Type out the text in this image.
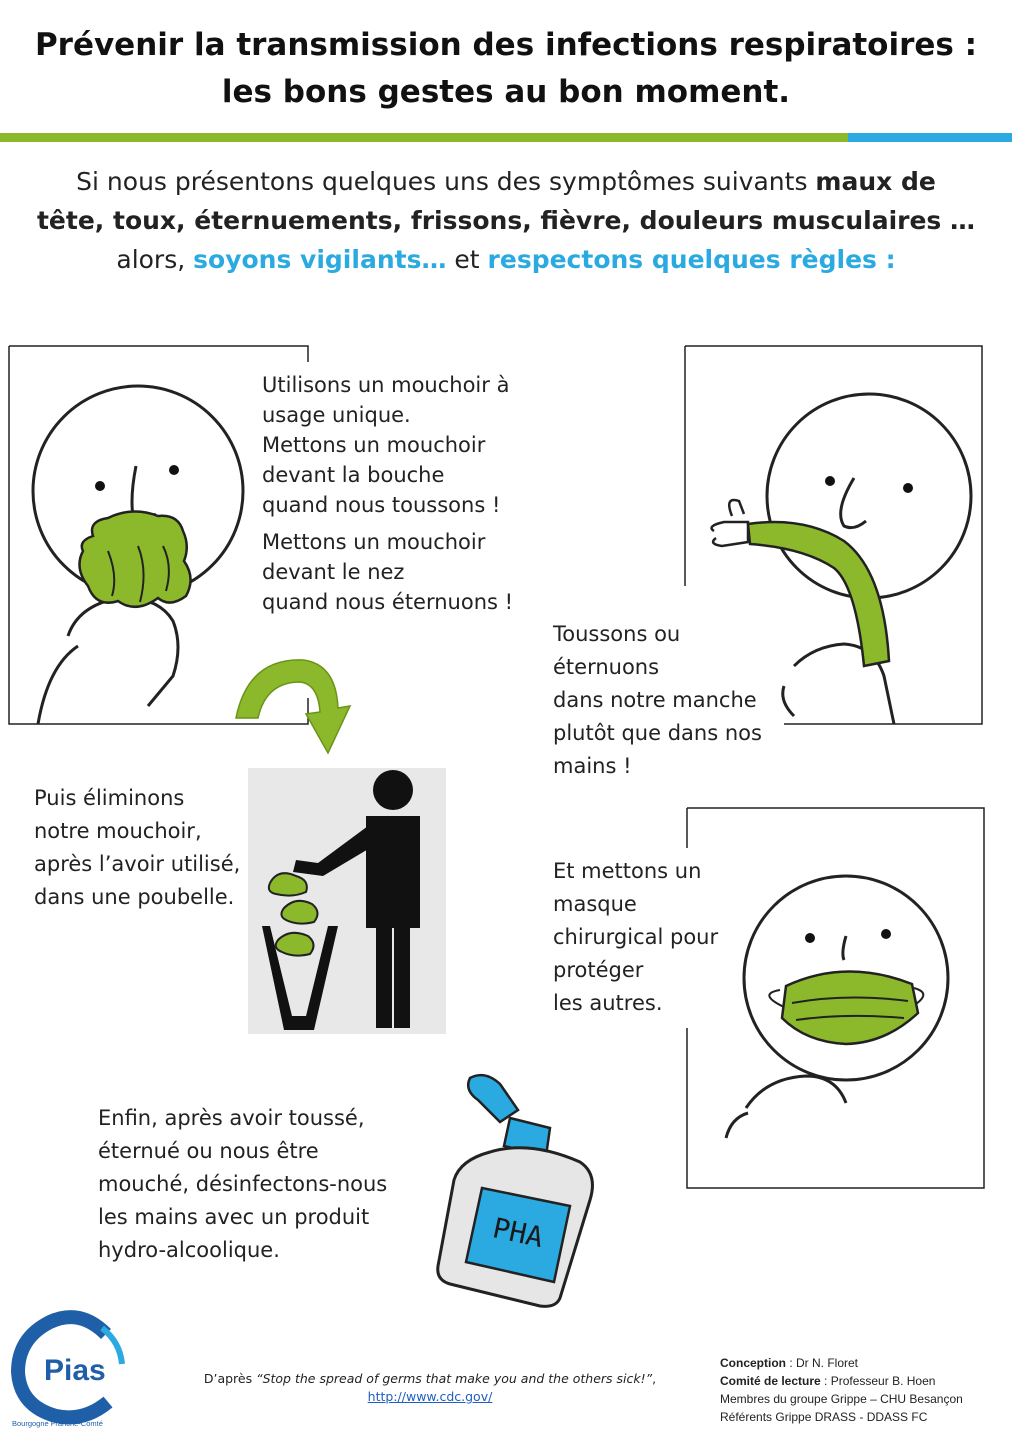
Prévenir la transmission des infections respiratoires :
les bons gestes au bon moment.
Si nous présentons quelques uns des symptômes suivants maux de
tête, toux, éternuements, frissons, fièvre, douleurs musculaires …
alors, soyons vigilants… et respectons quelques règles :

Utilisons un mouchoir à

usage unique.

Mettons un mouchoir

devant la bouche

quand nous toussons !

Mettons un mouchoir

devant le nez

quand nous éternuons !

Toussons ou

éternuons

dans notre manche

plutôt que dans nos

mains !

Puis éliminons

notre mouchoir,

après l’avoir utilisé,

dans une poubelle.

Et mettons un

masque

chirurgical pour

protéger

les autres.

Enfin, après avoir toussé,

éternué ou nous être

mouché, désinfectons-nous

les mains avec un produit

hydro-alcoolique.	PHA
Pias
Bourgogne Franche-Comté
D’après “Stop the spread of germs that make you and the others sick!”,
http://www.cdc.gov/
Conception : Dr N. Floret
Comité de lecture : Professeur B. Hoen
Membres du groupe Grippe – CHU Besançon
Référents Grippe DRASS - DDASS FC
